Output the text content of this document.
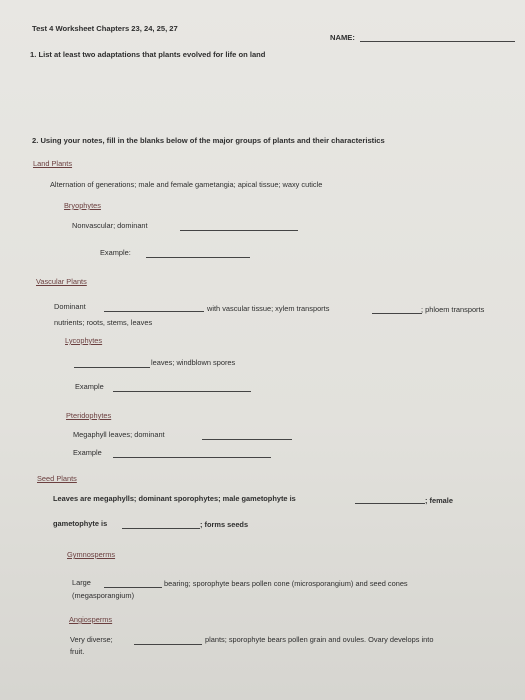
Test 4 Worksheet Chapters 23, 24, 25, 27
NAME:
1. List at least two adaptations that plants evolved for life on land
2. Using your notes, fill in the blanks below of the major groups of plants and their characteristics
Land Plants
Alternation of generations; male and female gametangia; apical tissue; waxy cuticle
Bryophytes
Nonvascular; dominant
Example:
Vascular Plants
Dominant	with vascular tissue; xylem transports	; phloem transports
nutrients; roots, stems, leaves
Lycophytes
leaves; windblown spores
Example
Pteridophytes
Megaphyll leaves; dominant
Example
Seed Plants
Leaves are megaphylls; dominant sporophytes; male gametophyte is	; female
gametophyte is	; forms seeds
Gymnosperms
Large	bearing; sporophyte bears pollen cone (microsporangium) and seed cones
(megasporangium)
Angiosperms
Very diverse;	plants; sporophyte bears pollen grain and ovules. Ovary develops into
fruit.
